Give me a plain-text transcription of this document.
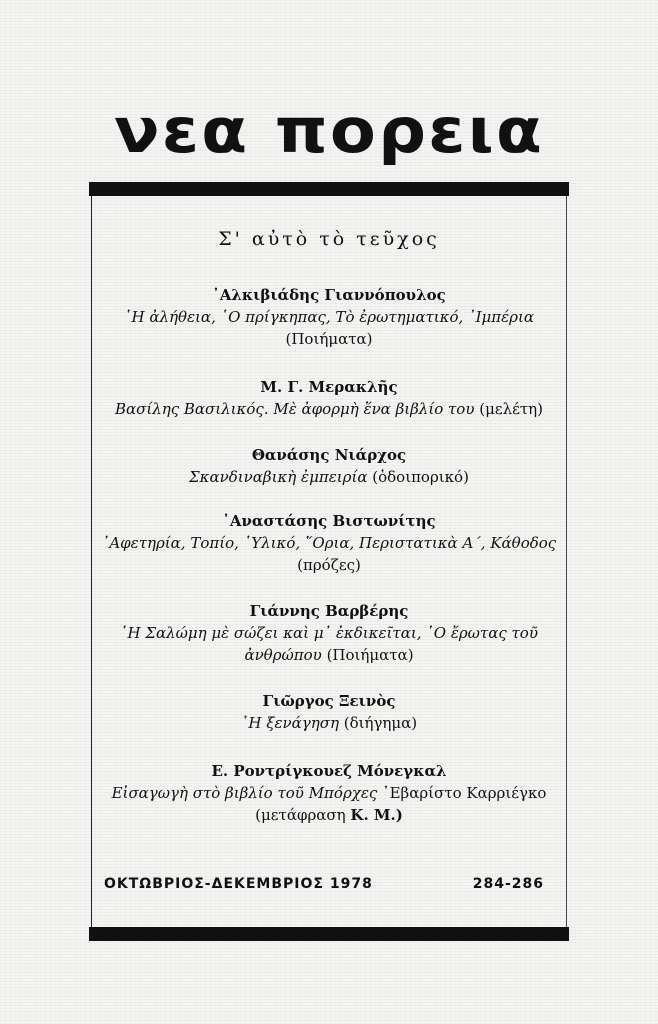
νεα πορεια
Σ' αὐτὸ τὸ τεῦχος
᾿Αλκιβιάδης Γιαννόπουλος
῾Η ἀλήθεια, ῾Ο πρίγκηπας, Τὸ ἐρωτηματικό, ᾿Ιμπέρια
(Ποιήματα)
Μ. Γ. Μερακλῆς
Βασίλης Βασιλικός. Μὲ ἀφορμὴ ἕνα βιβλίο του (μελέτη)
Θανάσης Νιάρχος
Σκανδιναβικὴ ἐμπειρία (ὁδοιπορικό)
᾿Αναστάσης Βιστωνίτης
᾿Αφετηρία, Τοπίο, ῾Υλικό, ῞Ορια, Περιστατικὰ Α΄, Κάθοδος
(πρόζες)
Γιάννης Βαρβέρης
῾Η Σαλώμη μὲ σώζει καὶ μ᾿ ἐκδικεῖται, ῾Ο ἔρωτας τοῦ ἀνθρώπου (Ποιήματα)
Γιῶργος Ξεινὸς
῾Η ξενάγηση (διήγημα)
Ε. Ροντρίγκουεζ Μόνεγκαλ
Εἰσαγωγὴ στὸ βιβλίο τοῦ Μπόρχες ᾿Εβαρίστο Καρριέγκο
(μετάφραση Κ. Μ.)
ΟΚΤΩΒΡΙΟΣ-ΔΕΚΕΜΒΡΙΟΣ 1978	284-286
